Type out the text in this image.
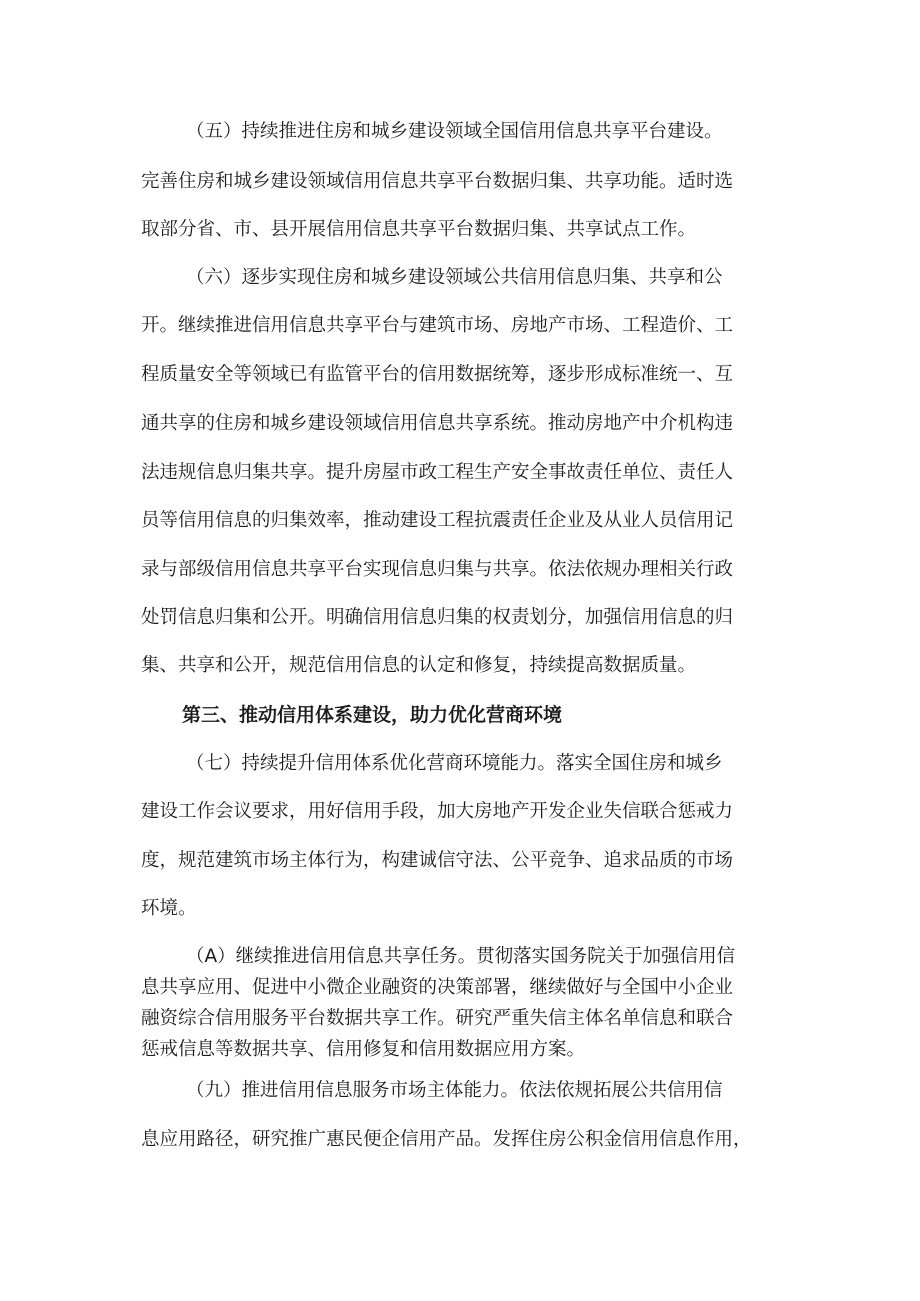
（五）持续推进住房和城乡建设领域全国信用信息共享平台建设。
完善住房和城乡建设领域信用信息共享平台数据归集、共享功能。适时选
取部分省、市、县开展信用信息共享平台数据归集、共享试点工作。
（六）逐步实现住房和城乡建设领域公共信用信息归集、共享和公
开。继续推进信用信息共享平台与建筑市场、房地产市场、工程造价、工
程质量安全等领域已有监管平台的信用数据统筹，逐步形成标准统一、互
通共享的住房和城乡建设领域信用信息共享系统。推动房地产中介机构违
法违规信息归集共享。提升房屋市政工程生产安全事故责任单位、责任人
员等信用信息的归集效率，推动建设工程抗震责任企业及从业人员信用记
录与部级信用信息共享平台实现信息归集与共享。依法依规办理相关行政
处罚信息归集和公开。明确信用信息归集的权责划分，加强信用信息的归
集、共享和公开，规范信用信息的认定和修复，持续提高数据质量。
第三、推动信用体系建设，助力优化营商环境
（七）持续提升信用体系优化营商环境能力。落实全国住房和城乡
建设工作会议要求，用好信用手段，加大房地产开发企业失信联合惩戒力
度，规范建筑市场主体行为，构建诚信守法、公平竞争、追求品质的市场
环境。
（A）继续推进信用信息共享任务。贯彻落实国务院关于加强信用信
息共享应用、促进中小微企业融资的决策部署，继续做好与全国中小企业
融资综合信用服务平台数据共享工作。研究严重失信主体名单信息和联合
惩戒信息等数据共享、信用修复和信用数据应用方案。
（九）推进信用信息服务市场主体能力。依法依规拓展公共信用信
息应用路径，研究推广惠民便企信用产品。发挥住房公积金信用信息作用，
